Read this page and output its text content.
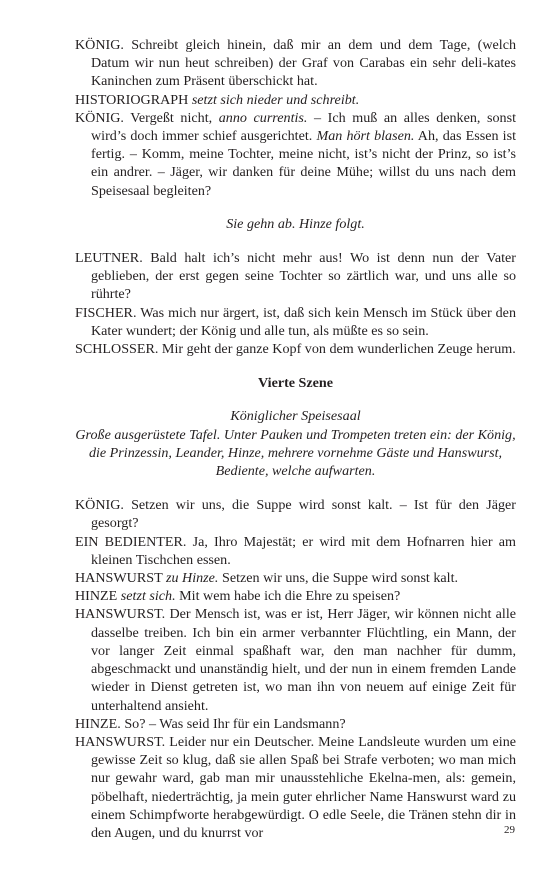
KÖNIG. Schreibt gleich hinein, daß mir an dem und dem Tage, (welch Datum wir nun heut schreiben) der Graf von Carabas ein sehr deli-kates Kaninchen zum Präsent überschickt hat.

HISTORIOGRAPH setzt sich nieder und schreibt.

KÖNIG. Vergeßt nicht, anno currentis. – Ich muß an alles denken, sonst wird’s doch immer schief ausgerichtet. Man hört blasen. Ah, das Essen ist fertig. – Komm, meine Tochter, meine nicht, ist’s nicht der Prinz, so ist’s ein andrer. – Jäger, wir danken für deine Mühe; willst du uns nach dem Speisesaal begleiten?

Sie gehn ab. Hinze folgt.

LEUTNER. Bald halt ich’s nicht mehr aus! Wo ist denn nun der Vater geblieben, der erst gegen seine Tochter so zärtlich war, und uns alle so rührte?

FISCHER. Was mich nur ärgert, ist, daß sich kein Mensch im Stück über den Kater wundert; der König und alle tun, als müßte es so sein.

SCHLOSSER. Mir geht der ganze Kopf von dem wunderlichen Zeuge herum.

Vierte Szene

Königlicher Speisesaal

Große ausgerüstete Tafel. Unter Pauken und Trompeten treten ein: der König, die Prinzessin, Leander, Hinze, mehrere vornehme Gäste und Hanswurst, Bediente, welche aufwarten.

KÖNIG. Setzen wir uns, die Suppe wird sonst kalt. – Ist für den Jäger gesorgt?

EIN BEDIENTER. Ja, Ihro Majestät; er wird mit dem Hofnarren hier am kleinen Tischchen essen.

HANSWURST zu Hinze. Setzen wir uns, die Suppe wird sonst kalt.

HINZE setzt sich. Mit wem habe ich die Ehre zu speisen?

HANSWURST. Der Mensch ist, was er ist, Herr Jäger, wir können nicht alle dasselbe treiben. Ich bin ein armer verbannter Flüchtling, ein Mann, der vor langer Zeit einmal spaßhaft war, den man nachher für dumm, abgeschmackt und unanständig hielt, und der nun in einem fremden Lande wieder in Dienst getreten ist, wo man ihn von neuem auf einige Zeit für unterhaltend ansieht.

HINZE. So? – Was seid Ihr für ein Landsmann?

HANSWURST. Leider nur ein Deutscher. Meine Landsleute wurden um eine gewisse Zeit so klug, daß sie allen Spaß bei Strafe verboten; wo man mich nur gewahr ward, gab man mir unausstehliche Ekelna-men, als: gemein, pöbelhaft, niederträchtig, ja mein guter ehrlicher Name Hanswurst ward zu einem Schimpfworte herabgewürdigt. O edle Seele, die Tränen stehn dir in den Augen, und du knurrst vor	29
